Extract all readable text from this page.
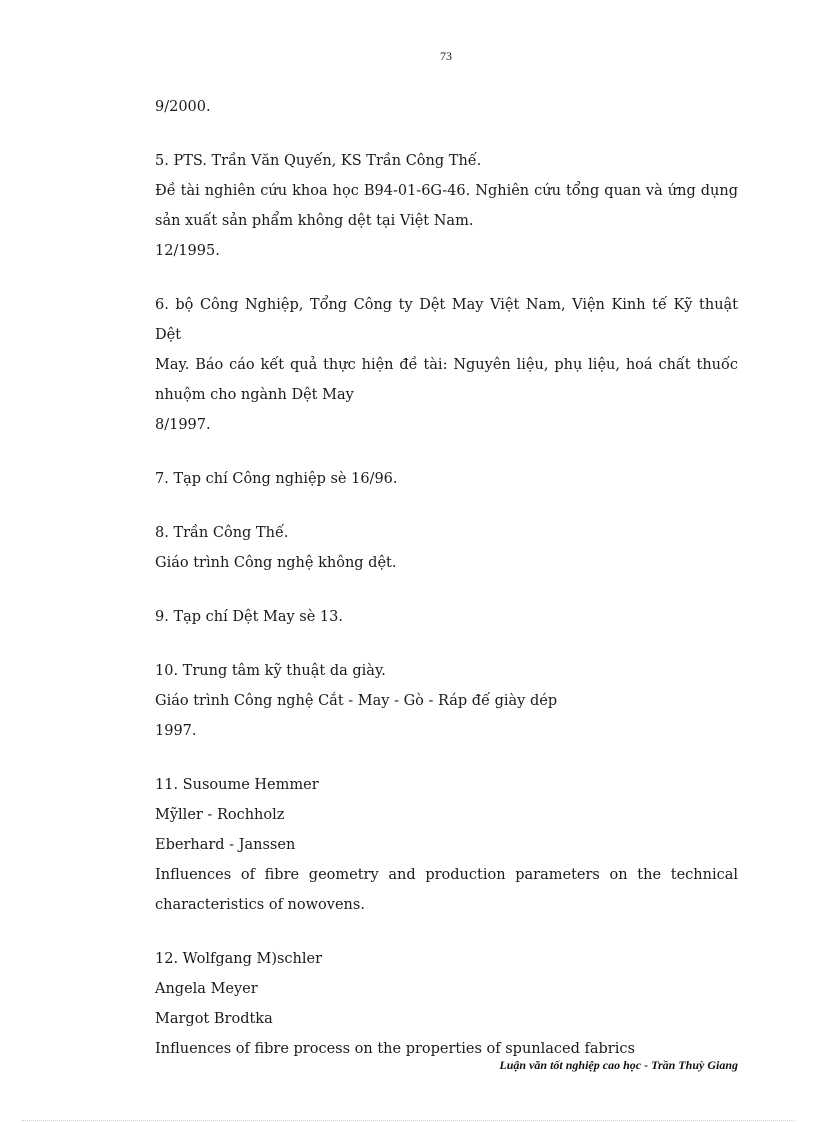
73
9/2000.
5. PTS. Trần Văn Quyến, KS Trần Công Thế.
Đề tài nghiên cứu khoa học B94-01-6G-46. Nghiên cứu tổng quan và ứng dụng
sản xuất sản phẩm không dệt tại Việt Nam.
12/1995.
6. bộ Công Nghiệp, Tổng Công ty Dệt May Việt Nam, Viện Kinh tế Kỹ thuật Dệt
May. Báo cáo kết quả thực hiện đề tài: Nguyên liệu, phụ liệu, hoá chất thuốc
nhuộm cho ngành Dệt May
8/1997.
7. Tạp chí Công nghiệp sè 16/96.
8. Trần Công Thế.
Giáo trình Công nghệ không dệt.
9. Tạp chí Dệt May sè 13.
10. Trung tâm kỹ thuật da giày.
Giáo trình Công nghệ Cắt - May - Gò - Ráp đế giày dép
1997.
11. Susoume Hemmer
Mỹller - Rochholz
Eberhard - Janssen
Influences of fibre geometry and production parameters on the technical
characteristics of nowovens.
12. Wolfgang M)schler
Angela Meyer
Margot Brodtka
Influences of fibre process on the properties of spunlaced fabrics
Luận văn tốt nghiệp cao học - Trần Thuỳ Giang
